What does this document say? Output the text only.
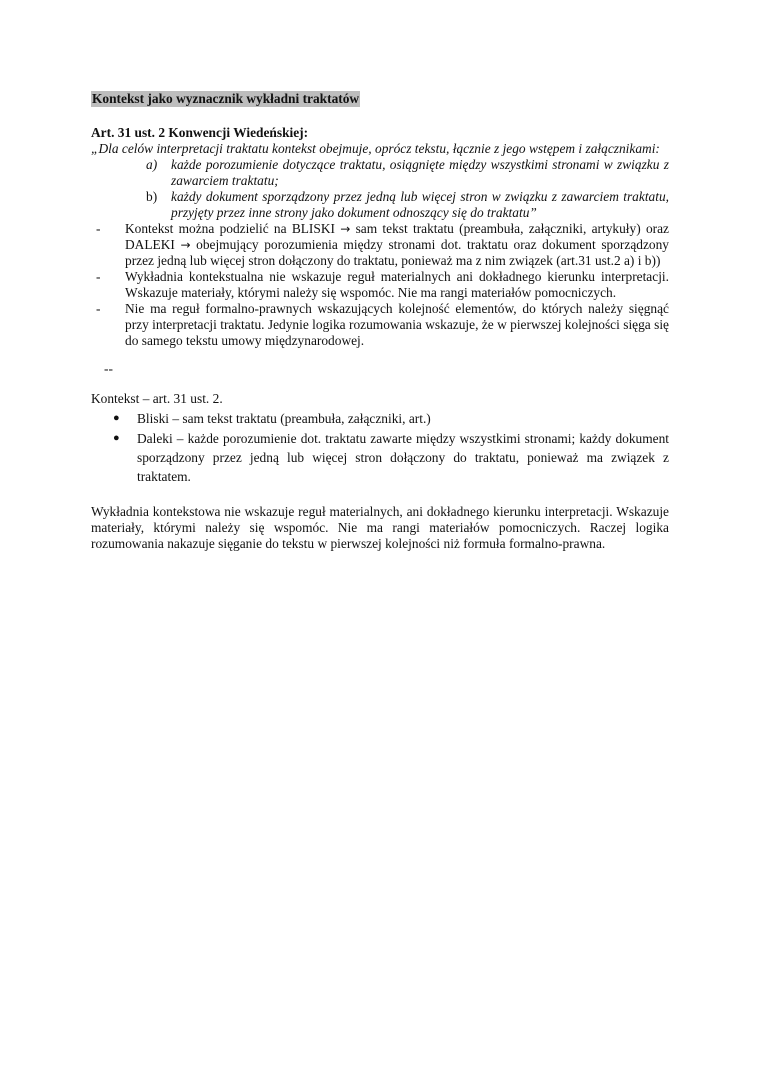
Kontekst jako wyznacznik wykładni traktatów
Art. 31 ust. 2 Konwencji Wiedeńskiej:

„Dla celów interpretacji traktatu kontekst obejmuje, oprócz tekstu, łącznie z jego wstępem i załącznikami:

a)	każde porozumienie dotyczące traktatu, osiągnięte między wszystkimi stronami w związku z zawarciem traktatu;
b)	każdy dokument sporządzony przez jedną lub więcej stron w związku z zawarciem traktatu, przyjęty przez inne strony jako dokument odnoszący się do traktatu”
-	Kontekst można podzielić na BLISKI → sam tekst traktatu (preambuła, załączniki, artykuły) oraz DALEKI → obejmujący porozumienia między stronami dot. traktatu oraz dokument sporządzony przez jedną lub więcej stron dołączony do traktatu, ponieważ ma z nim związek (art.31 ust.2 a) i b))
-	Wykładnia kontekstualna nie wskazuje reguł materialnych ani dokładnego kierunku interpretacji. Wskazuje materiały, którymi należy się wspomóc. Nie ma rangi materiałów pomocniczych.
-	Nie ma reguł formalno-prawnych wskazujących kolejność elementów, do których należy sięgnąć przy interpretacji traktatu. Jedynie logika rozumowania wskazuje, że w pierwszej kolejności sięga się do samego tekstu umowy międzynarodowej.
--
Kontekst – art. 31 ust. 2.
●	Bliski – sam tekst traktatu (preambuła, załączniki, art.)
●	Daleki – każde porozumienie dot. traktatu zawarte między wszystkimi stronami; każdy dokument sporządzony przez jedną lub więcej stron dołączony do traktatu, ponieważ ma związek z traktatem.

Wykładnia kontekstowa nie wskazuje reguł materialnych, ani dokładnego kierunku interpretacji. Wskazuje materiały, którymi należy się wspomóc. Nie ma rangi materiałów pomocniczych. Raczej logika rozumowania nakazuje sięganie do tekstu w pierwszej kolejności niż formuła formalno-prawna.
